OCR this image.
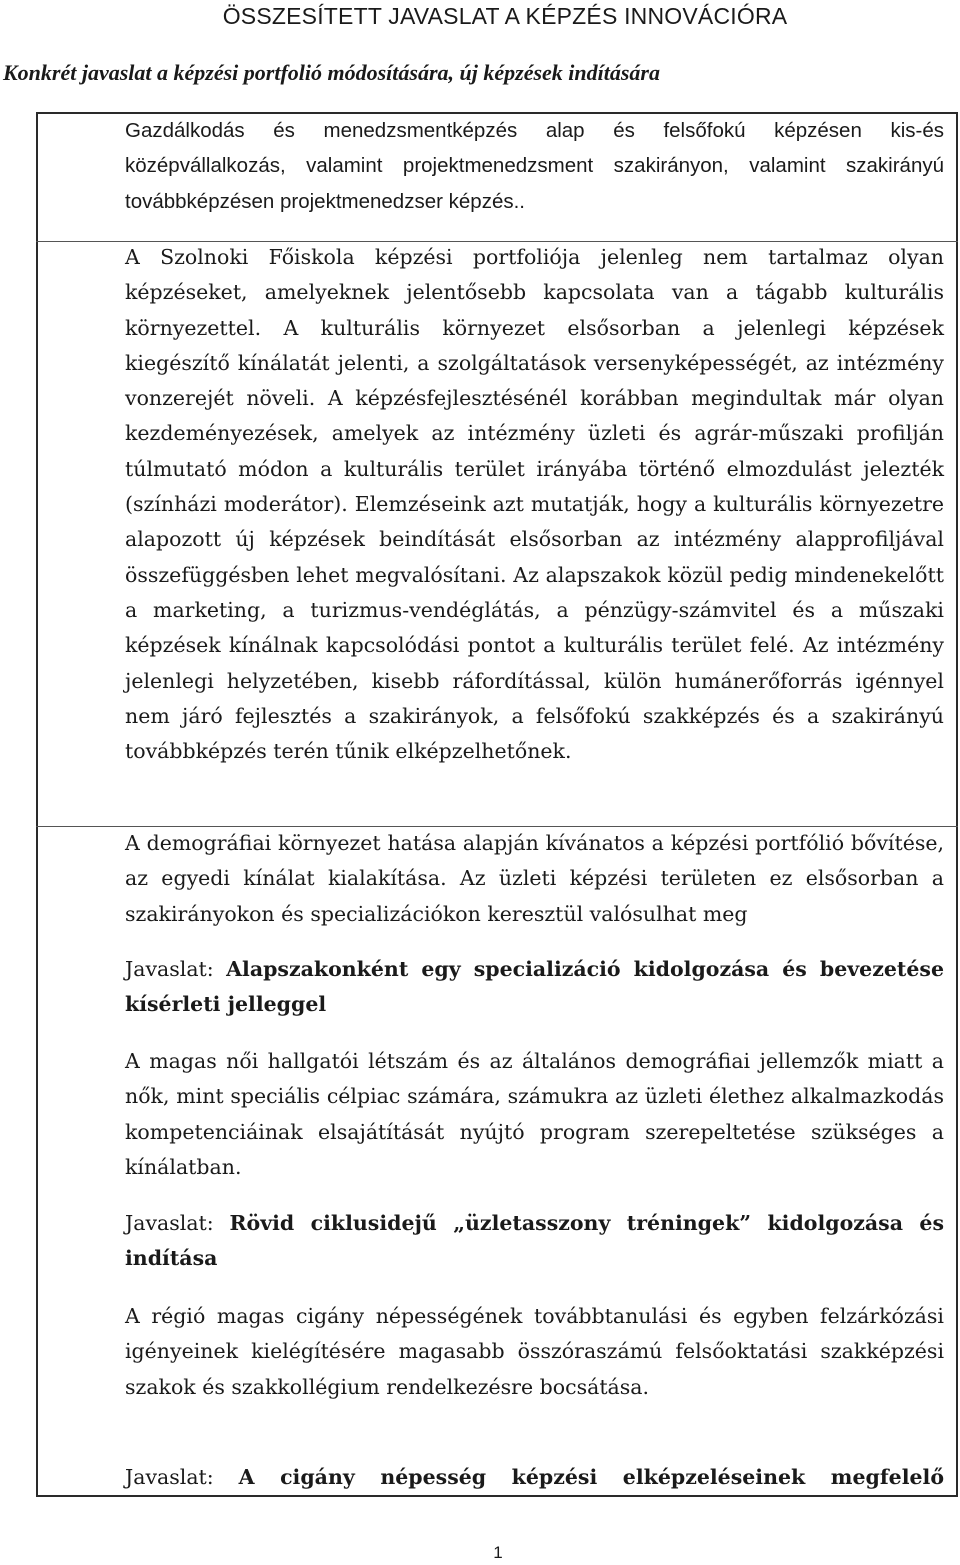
ÖSSZESÍTETT JAVASLAT A KÉPZÉS INNOVÁCIÓRA
Konkrét javaslat a képzési portfolió módosítására, új képzések indítására

Gazdálkodás és menedzsmentképzés alap és felsőfokú képzésen kis-és középvállalkozás, valamint projektmenedzsment szakirányon, valamint szakirányú továbbképzésen projektmenedzser képzés..

A Szolnoki Főiskola képzési portfoliója jelenleg nem tartalmaz olyan képzéseket, amelyeknek jelentősebb kapcsolata van a tágabb kulturális környezettel. A kulturális környezet elsősorban a jelenlegi képzések kiegészítő kínálatát jelenti, a szolgáltatások versenyképességét, az intézmény vonzerejét növeli. A képzésfejlesztésénél korábban megindultak már olyan kezdeményezések, amelyek az intézmény üzleti és agrár-műszaki profilján túlmutató módon a kulturális terület irányába történő elmozdulást jelezték (színházi moderátor). Elemzéseink azt mutatják, hogy a kulturális környezetre alapozott új képzések beindítását elsősorban az intézmény alapprofiljával összefüggésben lehet megvalósítani. Az alapszakok közül pedig mindenekelőtt a marketing, a turizmus-vendéglátás, a pénzügy-számvitel és a műszaki képzések kínálnak kapcsolódási pontot a kulturális terület felé. Az intézmény jelenlegi helyzetében, kisebb ráfordítással, külön humánerőforrás igénnyel nem járó fejlesztés a szakirányok, a felsőfokú szakképzés és a szakirányú továbbképzés terén tűnik elképzelhetőnek.

A demográfiai környezet hatása alapján kívánatos a képzési portfólió bővítése, az egyedi kínálat kialakítása. Az üzleti képzési területen ez elsősorban a szakirányokon és specializációkon keresztül valósulhat meg

Javaslat: Alapszakonként egy specializáció kidolgozása és bevezetése kísérleti jelleggel

A magas női hallgatói létszám és az általános demográfiai jellemzők miatt a nők, mint speciális célpiac számára, számukra az üzleti élethez alkalmazkodás kompetenciáinak elsajátítását nyújtó program szerepeltetése szükséges a kínálatban.

Javaslat: Rövid ciklusidejű „üzletasszony tréningek” kidolgozása és indítása

A régió magas cigány népességének továbbtanulási és egyben felzárkózási igényeinek kielégítésére magasabb összóraszámú felsőoktatási szakképzési szakok és szakkollégium rendelkezésre bocsátása.

Javaslat: A cigány népesség képzési elképzeléseinek megfelelő

1
